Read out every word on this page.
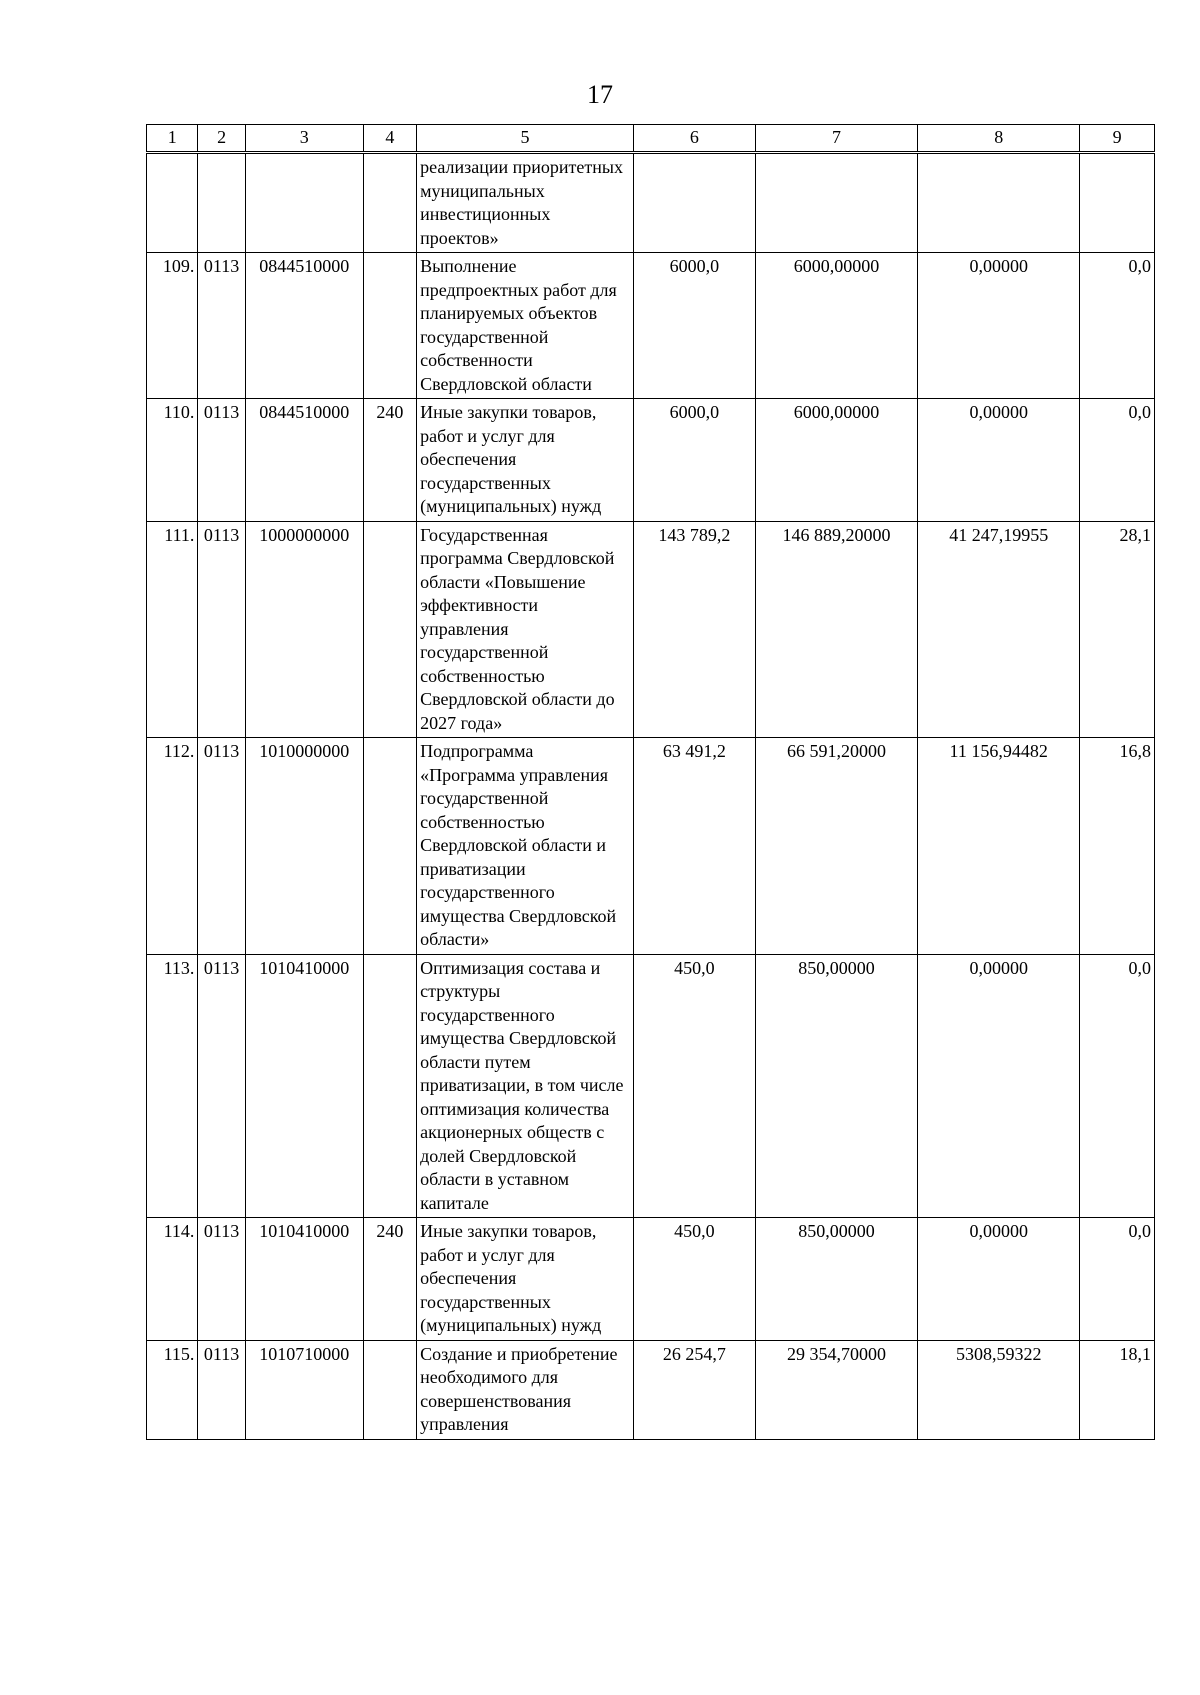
17
1	2	3	4	5	6	7	8	9
				реализации приоритетных муниципальных инвестиционных проектов»				
109.	0113	0844510000		Выполнение предпроектных работ для планируемых объектов государственной собственности Свердловской области	6000,0	6000,00000	0,00000	0,0
110.	0113	0844510000	240	Иные закупки товаров, работ и услуг для обеспечения государственных (муниципальных) нужд	6000,0	6000,00000	0,00000	0,0
111.	0113	1000000000		Государственная программа Свердловской области «Повышение эффективности управления государственной собственностью Свердловской области до 2027 года»	143 789,2	146 889,20000	41 247,19955	28,1
112.	0113	1010000000		Подпрограмма «Программа управления государственной собственностью Свердловской области и приватизации государственного имущества Свердловской области»	63 491,2	66 591,20000	11 156,94482	16,8
113.	0113	1010410000		Оптимизация состава и структуры государственного имущества Свердловской области путем приватизации, в том числе оптимизация количества акционерных обществ с долей Свердловской области в уставном капитале	450,0	850,00000	0,00000	0,0
114.	0113	1010410000	240	Иные закупки товаров, работ и услуг для обеспечения государственных (муниципальных) нужд	450,0	850,00000	0,00000	0,0
115.	0113	1010710000		Создание и приобретение необходимого для совершенствования управления	26 254,7	29 354,70000	5308,59322	18,1
